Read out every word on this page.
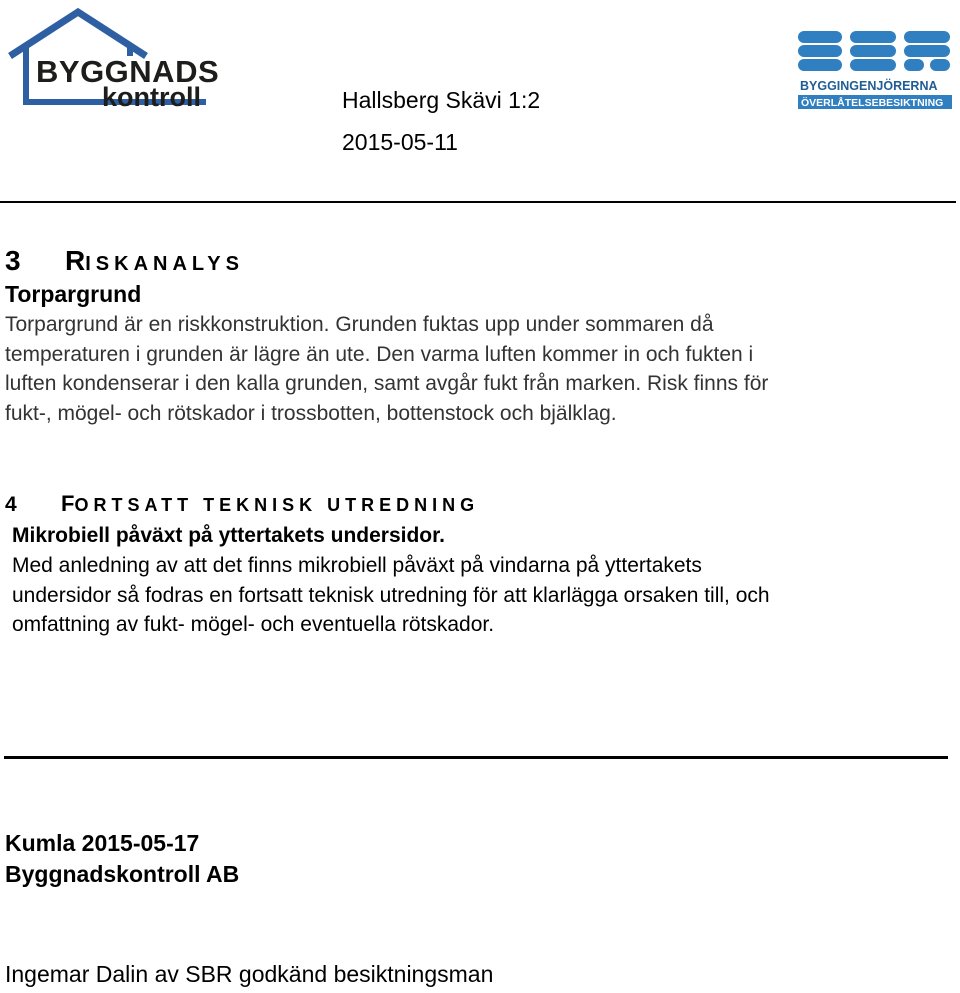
BYGGNADS
kontroll	Hallsberg Skävi 1:2
2015-05-11
BYGGINGENJÖRERNA
ÖVERLÅTELSEBESIKTNING
3 RISKANALYS
Torpargrund
Torpargrund är en riskkonstruktion. Grunden fuktas upp under sommaren då
temperaturen i grunden är lägre än ute. Den varma luften kommer in och fukten i
luften kondenserar i den kalla grunden, samt avgår fukt från marken. Risk finns för
fukt-, mögel- och rötskador i trossbotten, bottenstock och bjälklag.
4 FORTSATT TEKNISK UTREDNING
Mikrobiell påväxt på yttertakets undersidor.
Med anledning av att det finns mikrobiell påväxt på vindarna på yttertakets
undersidor så fodras en fortsatt teknisk utredning för att klarlägga orsaken till, och
omfattning av fukt- mögel- och eventuella rötskador.
Kumla 2015-05-17
Byggnadskontroll AB
Ingemar Dalin av SBR godkänd besiktningsman
